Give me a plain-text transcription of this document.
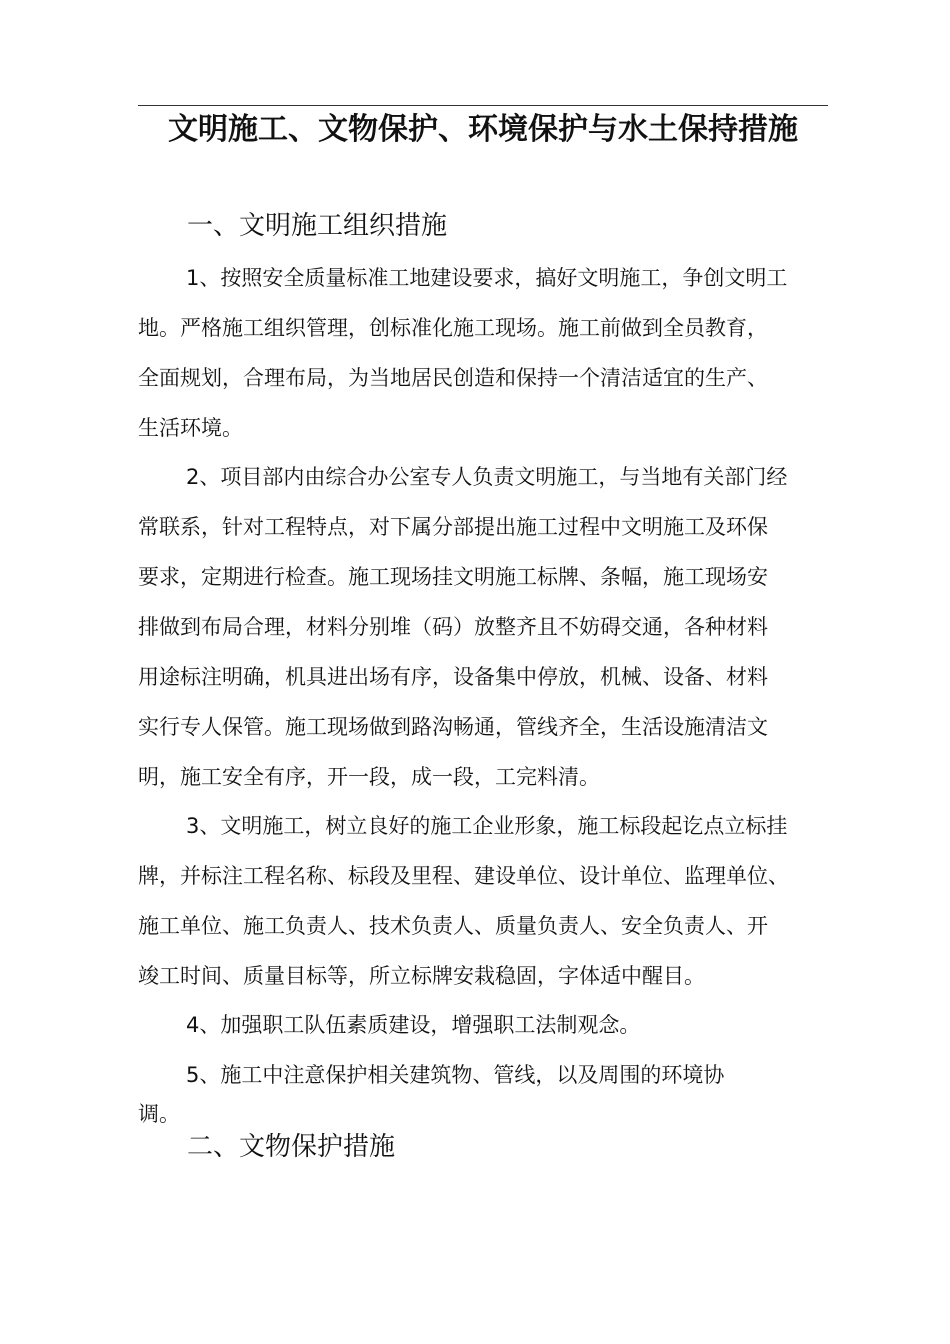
文明施工、文物保护、环境保护与水土保持措施
一、文明施工组织措施
1、按照安全质量标准工地建设要求，搞好文明施工，争创文明工
地。严格施工组织管理，创标准化施工现场。施工前做到全员教育，
全面规划，合理布局，为当地居民创造和保持一个清洁适宜的生产、
生活环境。
2、项目部内由综合办公室专人负责文明施工，与当地有关部门经
常联系，针对工程特点，对下属分部提出施工过程中文明施工及环保
要求，定期进行检查。施工现场挂文明施工标牌、条幅，施工现场安
排做到布局合理，材料分别堆（码）放整齐且不妨碍交通，各种材料
用途标注明确，机具进出场有序，设备集中停放，机械、设备、材料
实行专人保管。施工现场做到路沟畅通，管线齐全，生活设施清洁文
明，施工安全有序，开一段，成一段，工完料清。
3、文明施工，树立良好的施工企业形象，施工标段起讫点立标挂
牌，并标注工程名称、标段及里程、建设单位、设计单位、监理单位、
施工单位、施工负责人、技术负责人、质量负责人、安全负责人、开
竣工时间、质量目标等，所立标牌安栽稳固，字体适中醒目。
4、加强职工队伍素质建设，增强职工法制观念。
5、施工中注意保护相关建筑物、管线，以及周围的环境协
调。
二、文物保护措施
